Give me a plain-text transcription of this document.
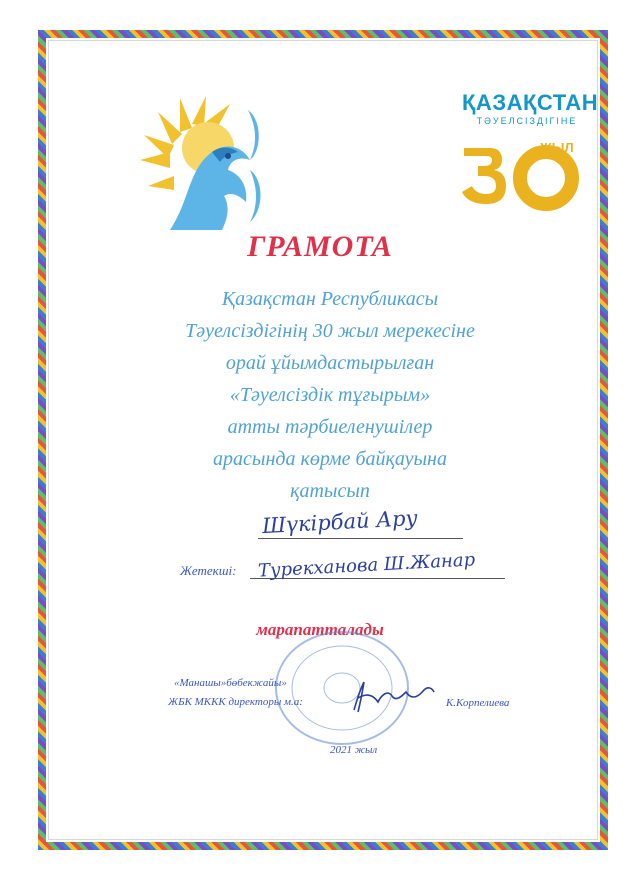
ҚАЗАҚСТАН
ТӘУЕЛСІЗДІГІНЕ
ЖЫЛ
ГРАМОТА
Қазақстан Республикасы
Тәуелсіздігінің 30 жыл мерекесіне
орай ұйымдастырылған
«Тәуелсіздік тұғырым»
атты тәрбиеленушілер
арасында көрме байқауына
қатысып
Шүкірбай Ару
Жетекші: Турекханова Ш.Жанар
марапатталады
«Манашы»бөбекжайы»
ЖБК МККК директоры м.а:	К.Корпелиева
2021 жыл
